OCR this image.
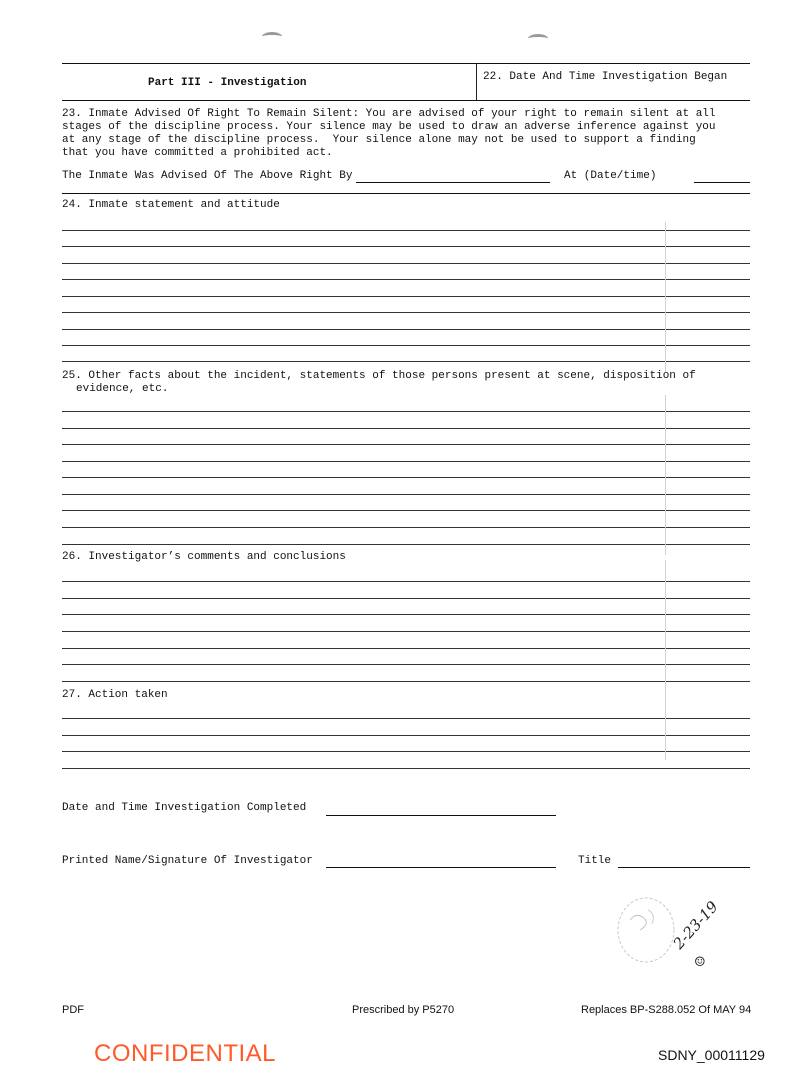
Part III - Investigation	22. Date And Time Investigation Began
23. Inmate Advised Of Right To Remain Silent: You are advised of your right to remain silent at all
stages of the discipline process. Your silence may be used to draw an adverse inference against you
at any stage of the discipline process.  Your silence alone may not be used to support a finding
that you have committed a prohibited act.
The Inmate Was Advised Of The Above Right By	At (Date/time)
24. Inmate statement and attitude
25. Other facts about the incident, statements of those persons present at scene, disposition of
evidence, etc.
26. Investigator’s comments and conclusions
27. Action taken
Date and Time Investigation Completed
Printed Name/Signature Of Investigator	Title
2-23-19
☺
PDF	Prescribed by P5270	Replaces BP-S288.052 Of MAY 94
CONFIDENTIAL	SDNY_00011129
